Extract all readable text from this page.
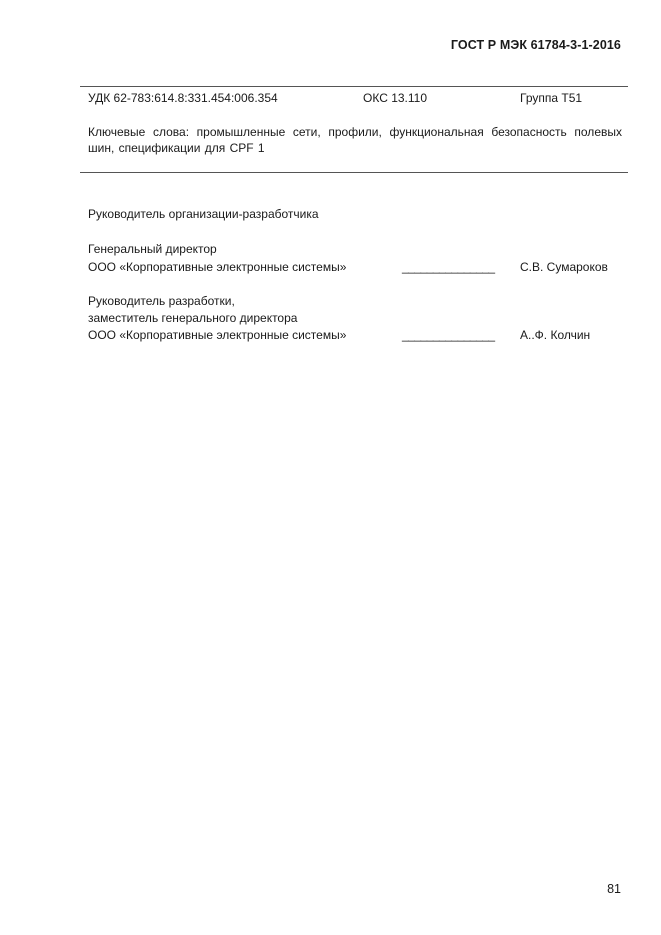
ГОСТ Р МЭК 61784-3-1-2016
УДК 62-783:614.8:331.454:006.354	ОКС 13.110	Группа Т51
Ключевые слова: промышленные сети, профили, функциональная безопасность полевых шин, спецификации для CPF 1
Руководитель организации-разработчика
Генеральный директор
ООО «Корпоративные электронные системы»	_______________ С.В. Сумароков
Руководитель разработки,
заместитель генерального директора
ООО «Корпоративные электронные системы»	_______________ А..Ф. Колчин
81
